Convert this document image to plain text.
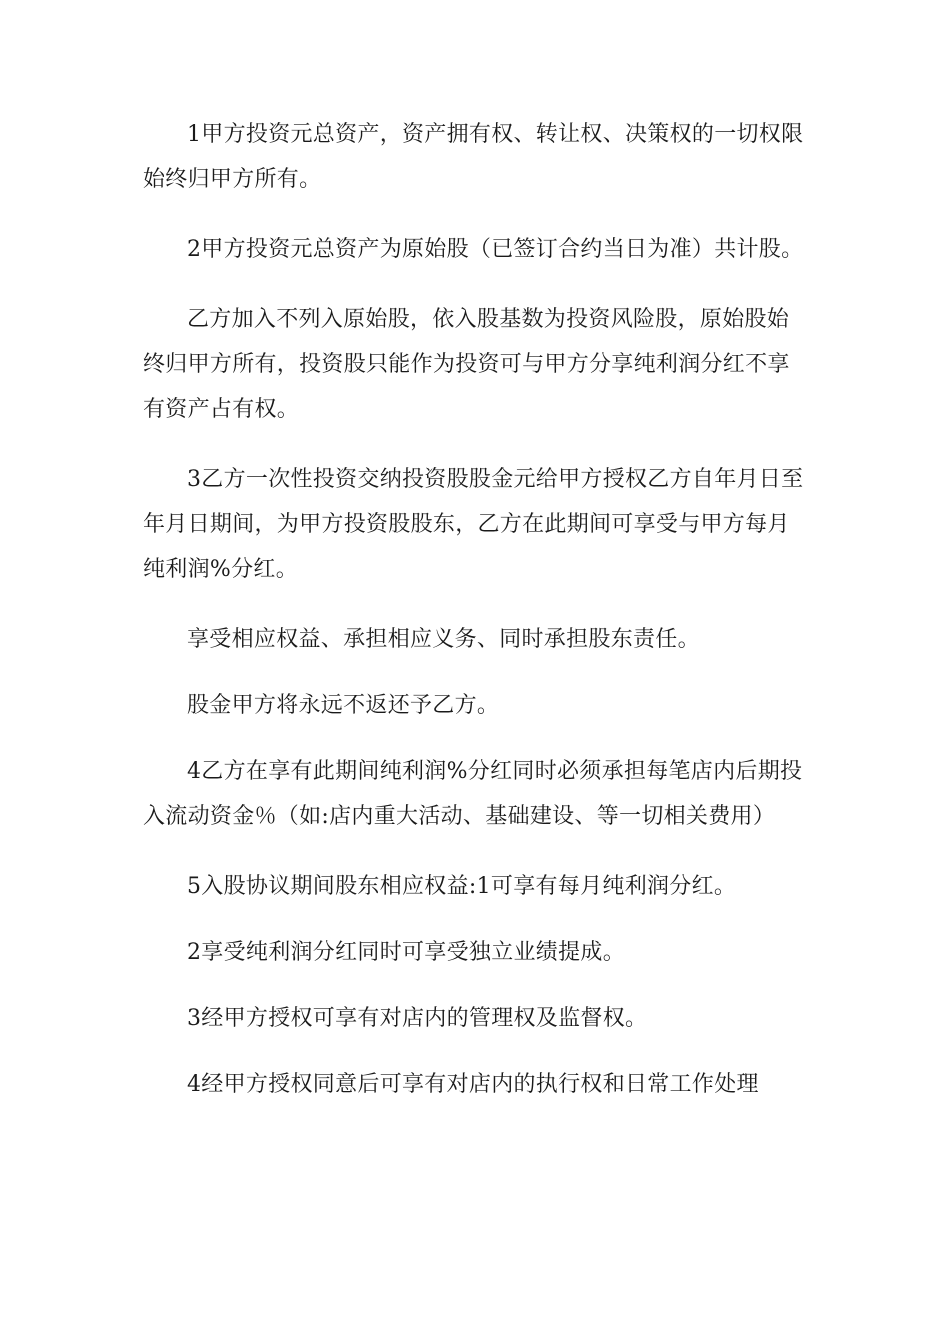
1甲方投资元总资产，资产拥有权、转让权、决策权的一切权限始终归甲方所有。

2甲方投资元总资产为原始股（已签订合约当日为准）共计股。

乙方加入不列入原始股，依入股基数为投资风险股，原始股始终归甲方所有，投资股只能作为投资可与甲方分享纯利润分红不享有资产占有权。

3乙方一次性投资交纳投资股股金元给甲方授权乙方自年月日至年月日期间，为甲方投资股股东，乙方在此期间可享受与甲方每月纯利润%分红。

享受相应权益、承担相应义务、同时承担股东责任。

股金甲方将永远不返还予乙方。

4乙方在享有此期间纯利润%分红同时必须承担每笔店内后期投入流动资金％（如:店内重大活动、基础建设、等一切相关费用）

5入股协议期间股东相应权益:1可享有每月纯利润分红。

2享受纯利润分红同时可享受独立业绩提成。

3经甲方授权可享有对店内的管理权及监督权。

4经甲方授权同意后可享有对店内的执行权和日常工作处理
